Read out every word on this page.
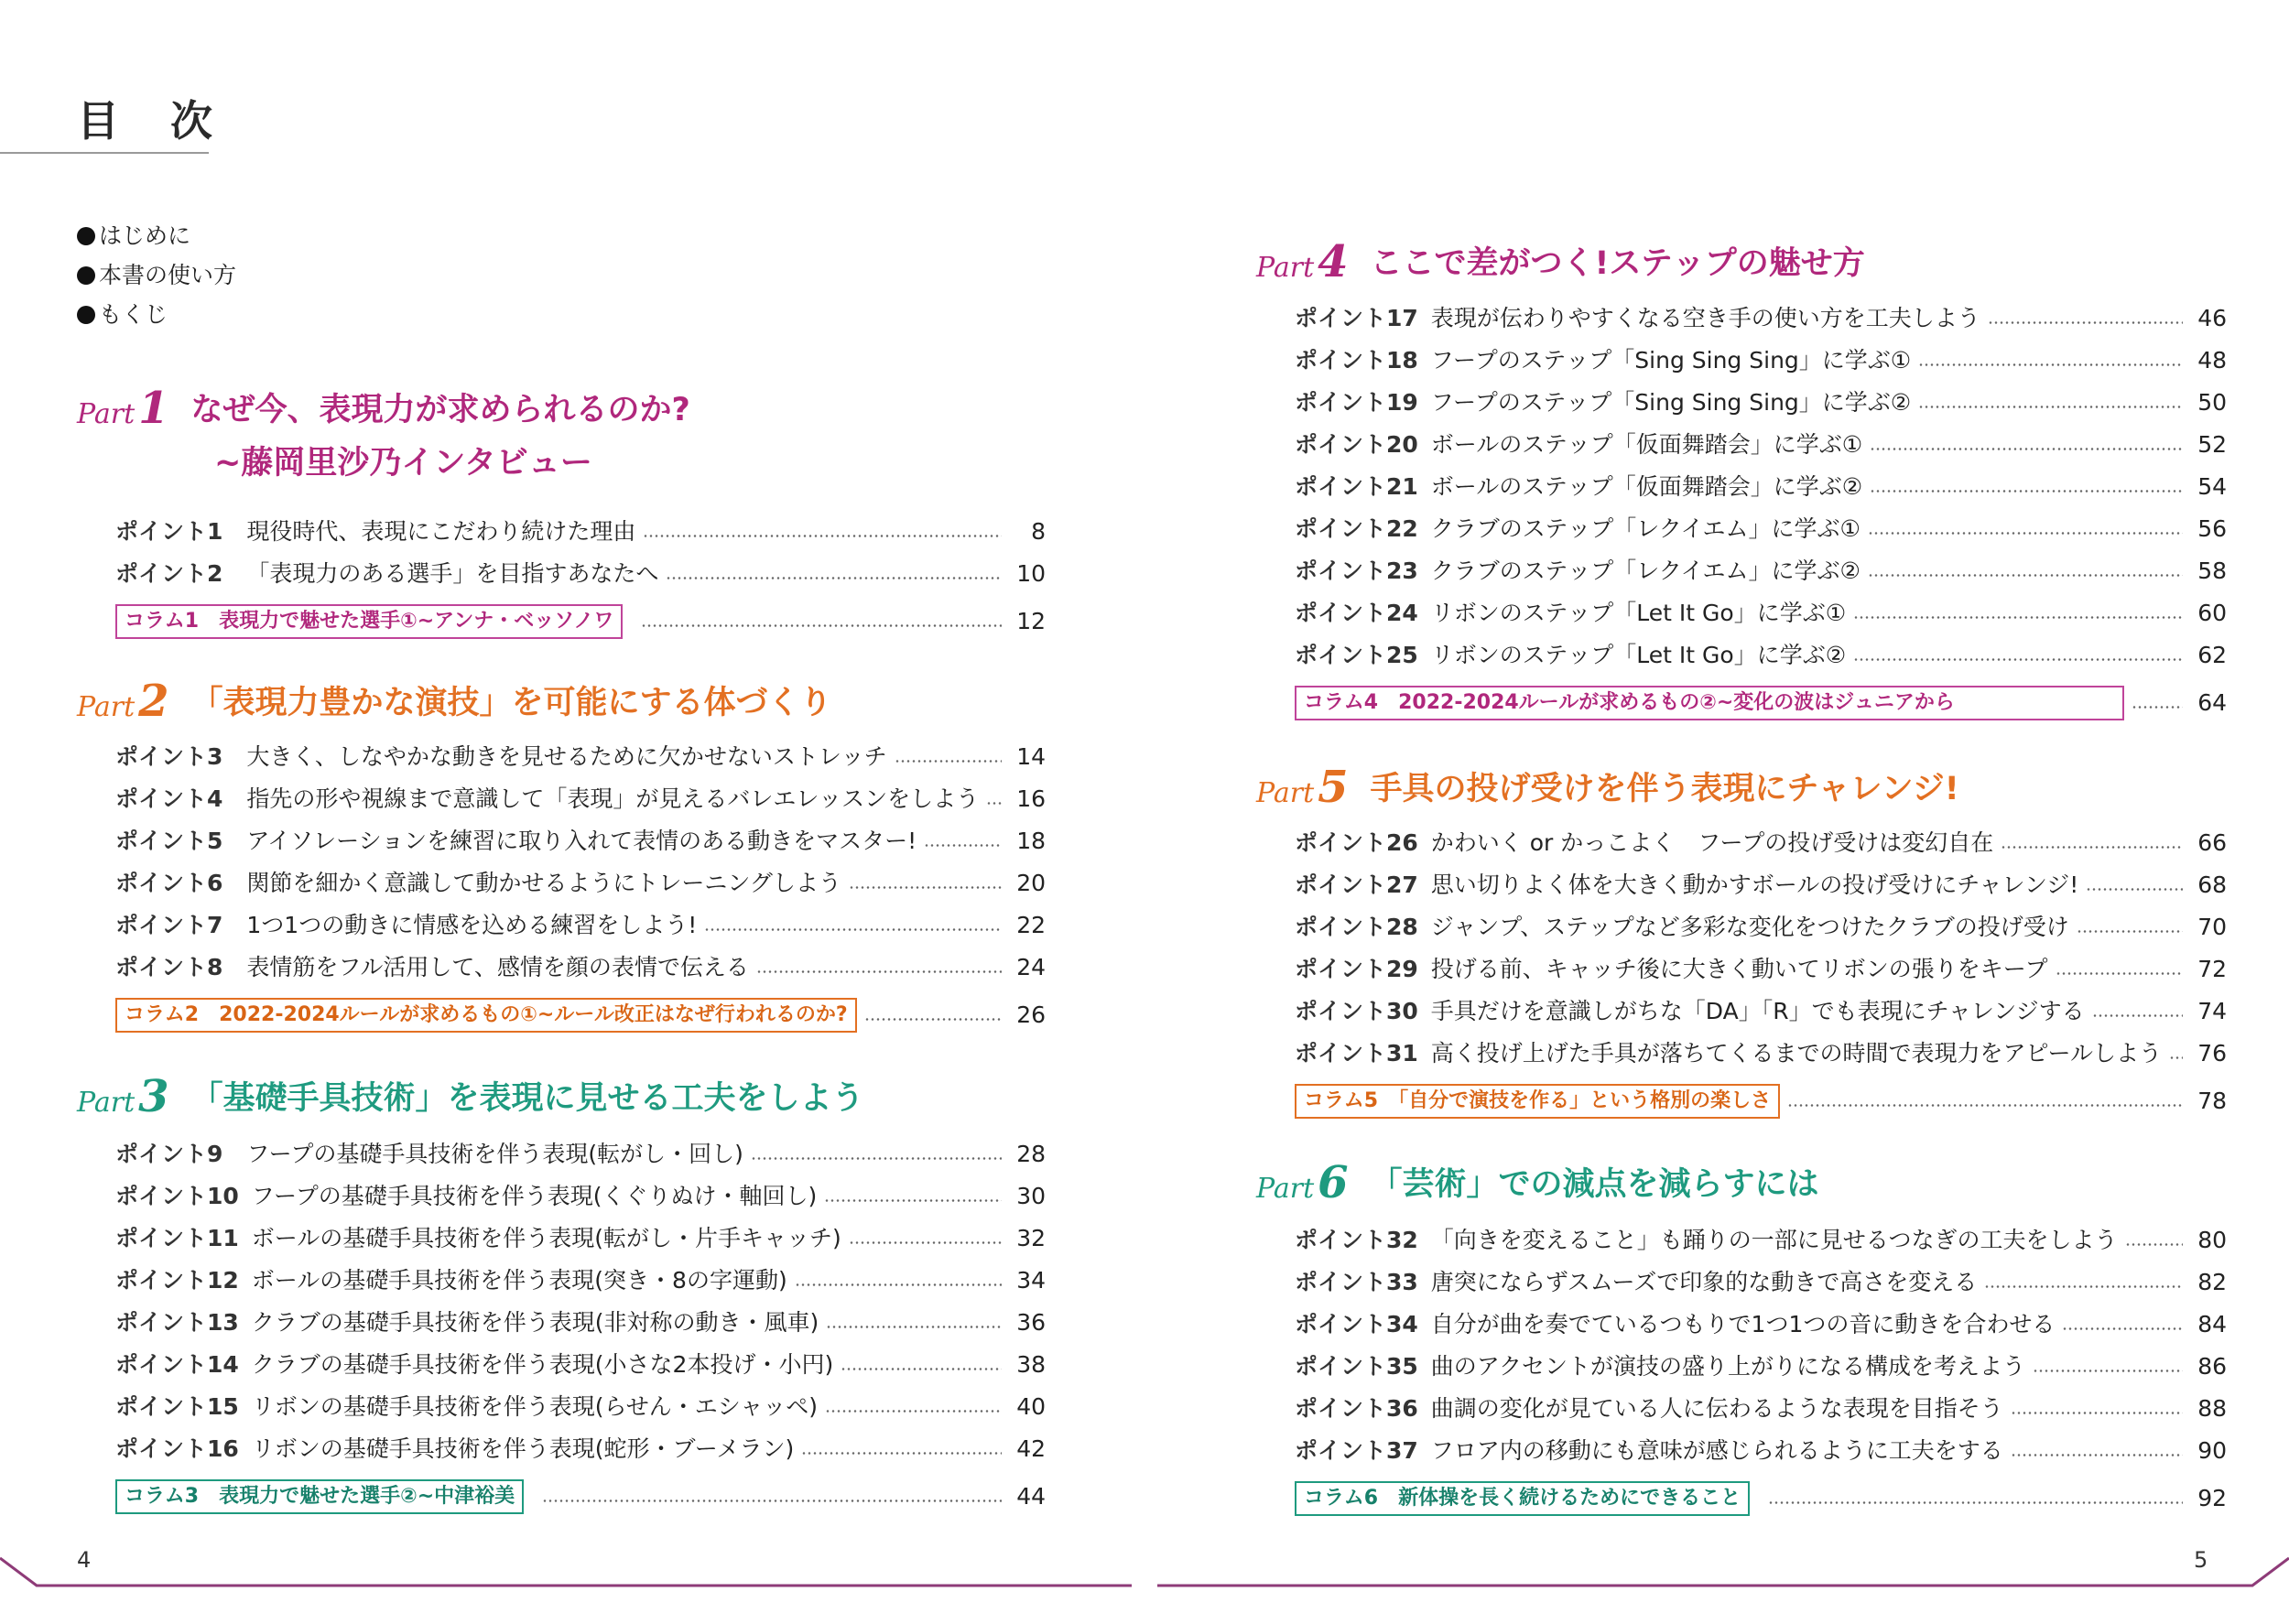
目 次
はじめに
本書の使い方
もくじ
Part1 なぜ今、表現力が求められるのか?
~藤岡里沙乃インタビュー
ポイント1 現役時代、表現にこだわり続けた理由	8
ポイント2 「表現力のある選手」を目指すあなたへ	10
コラム1　表現力で魅せた選手①~アンナ・ベッソノワ	12
Part2 「表現力豊かな演技」を可能にする体づくり
ポイント3 大きく、しなやかな動きを見せるために欠かせないストレッチ	14
ポイント4 指先の形や視線まで意識して「表現」が見えるバレエレッスンをしよう	16
ポイント5 アイソレーションを練習に取り入れて表情のある動きをマスター!	18
ポイント6 関節を細かく意識して動かせるようにトレーニングしよう	20
ポイント7 1つ1つの動きに情感を込める練習をしよう!	22
ポイント8 表情筋をフル活用して、感情を顔の表情で伝える	24
コラム2　2022-2024ルールが求めるもの①~ルール改正はなぜ行われるのか?	26
Part3 「基礎手具技術」を表現に見せる工夫をしよう
ポイント9 フープの基礎手具技術を伴う表現(転がし・回し)	28
ポイント10 フープの基礎手具技術を伴う表現(くぐりぬけ・軸回し)	30
ポイント11 ボールの基礎手具技術を伴う表現(転がし・片手キャッチ)	32
ポイント12 ボールの基礎手具技術を伴う表現(突き・8の字運動)	34
ポイント13 クラブの基礎手具技術を伴う表現(非対称の動き・風車)	36
ポイント14 クラブの基礎手具技術を伴う表現(小さな2本投げ・小円)	38
ポイント15 リボンの基礎手具技術を伴う表現(らせん・エシャッペ)	40
ポイント16 リボンの基礎手具技術を伴う表現(蛇形・ブーメラン)	42
コラム3　表現力で魅せた選手②~中津裕美	44
Part4 ここで差がつく!ステップの魅せ方
ポイント17 表現が伝わりやすくなる空き手の使い方を工夫しよう	46
ポイント18 フープのステップ「Sing Sing Sing」に学ぶ①	48
ポイント19 フープのステップ「Sing Sing Sing」に学ぶ②	50
ポイント20 ボールのステップ「仮面舞踏会」に学ぶ①	52
ポイント21 ボールのステップ「仮面舞踏会」に学ぶ②	54
ポイント22 クラブのステップ「レクイエム」に学ぶ①	56
ポイント23 クラブのステップ「レクイエム」に学ぶ②	58
ポイント24 リボンのステップ「Let It Go」に学ぶ①	60
ポイント25 リボンのステップ「Let It Go」に学ぶ②	62
コラム4　2022-2024ルールが求めるもの②~変化の波はジュニアから	64
Part5 手具の投げ受けを伴う表現にチャレンジ!
ポイント26 かわいく or かっこよく　フープの投げ受けは変幻自在	66
ポイント27 思い切りよく体を大きく動かすボールの投げ受けにチャレンジ!	68
ポイント28 ジャンプ、ステップなど多彩な変化をつけたクラブの投げ受け	70
ポイント29 投げる前、キャッチ後に大きく動いてリボンの張りをキープ	72
ポイント30 手具だけを意識しがちな「DA」「R」でも表現にチャレンジする	74
ポイント31 高く投げ上げた手具が落ちてくるまでの時間で表現力をアピールしよう	76
コラム5　「自分で演技を作る」という格別の楽しさ	78
Part6 「芸術」での減点を減らすには
ポイント32 「向きを変えること」も踊りの一部に見せるつなぎの工夫をしよう	80
ポイント33 唐突にならずスムーズで印象的な動きで高さを変える	82
ポイント34 自分が曲を奏でているつもりで1つ1つの音に動きを合わせる	84
ポイント35 曲のアクセントが演技の盛り上がりになる構成を考えよう	86
ポイント36 曲調の変化が見ている人に伝わるような表現を目指そう	88
ポイント37 フロア内の移動にも意味が感じられるように工夫をする	90
コラム6　新体操を長く続けるためにできること	92
4	5
